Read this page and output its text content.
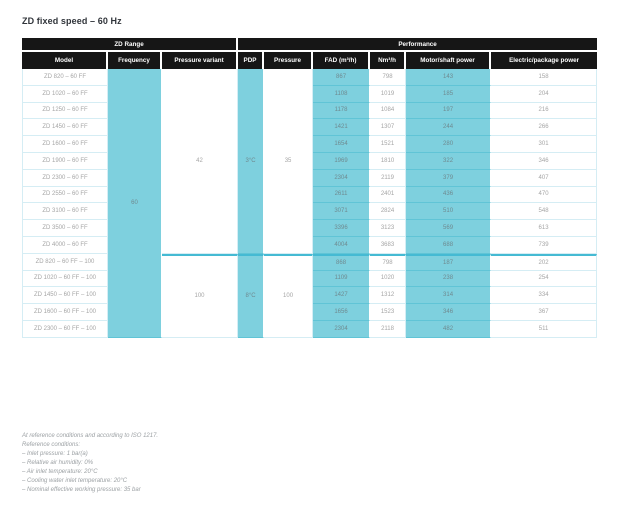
ZD fixed speed – 60 Hz
ZD Range			Performance					
Model	Frequency	Pressure variant	PDP	Pressure	FAD (m³/h)	Nm³/h	Motor/shaft power	Electric/package power
ZD 820 – 60 FF	60	42	3°C	35	867	798	143	158
ZD 1020 – 60 FF					1108	1019	185	204
ZD 1250 – 60 FF					1178	1084	197	216
ZD 1450 – 60 FF					1421	1307	244	266
ZD 1600 – 60 FF					1654	1521	280	301
ZD 1900 – 60 FF					1969	1810	322	346
ZD 2300 – 60 FF					2304	2119	379	407
ZD 2550 – 60 FF					2611	2401	436	470
ZD 3100 – 60 FF					3071	2824	510	548
ZD 3500 – 60 FF					3396	3123	569	613
ZD 4000 – 60 FF					4004	3683	688	739
ZD 820 – 60 FF – 100		100	8°C	100	868	798	187	202
ZD 1020 – 60 FF – 100					1109	1020	238	254
ZD 1450 – 60 FF – 100					1427	1312	314	334
ZD 1600 – 60 FF – 100					1656	1523	346	367
ZD 2300 – 60 FF – 100					2304	2118	482	511
At reference conditions and according to ISO 1217.
Reference conditions:
– Inlet pressure: 1 bar(a)
– Relative air humidity: 0%
– Air inlet temperature: 20°C
– Cooling water inlet temperature: 20°C
– Nominal effective working pressure: 35 bar
